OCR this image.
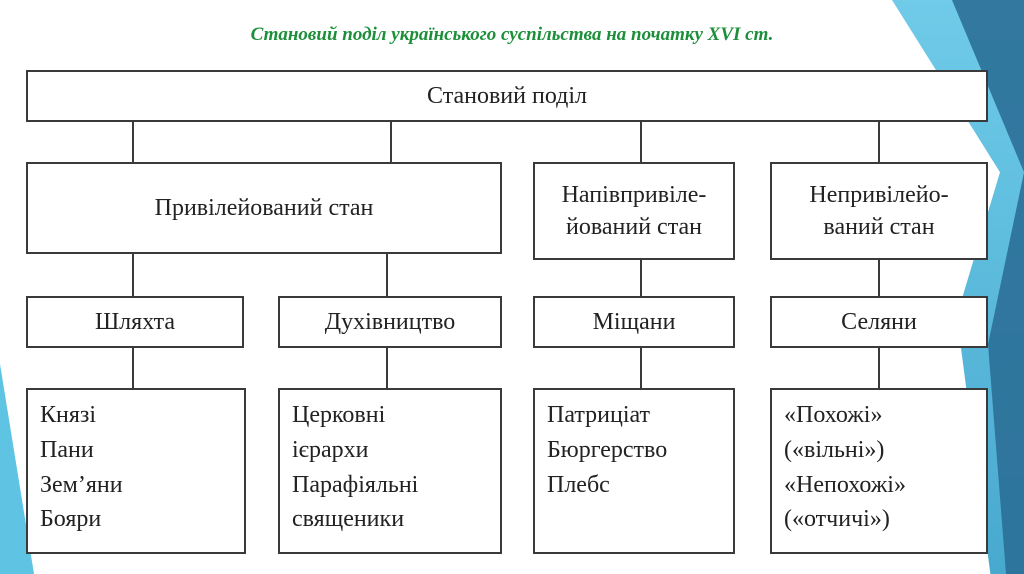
Становий поділ українського суспільства на початку XVI ст.
Становий поділ
Привілейований стан
Напівпривіле-
йований стан
Непривілейо-
ваний стан
Шляхта	Духівництво	Міщани	Селяни
Князі
Пани
Зем’яни
Бояри
Церковні
ієрархи
Парафіяльні
священики
Патриціат
Бюргерство
Плебс
«Похожі»
(«вільні»)
«Непохожі»
(«отчичі»)
